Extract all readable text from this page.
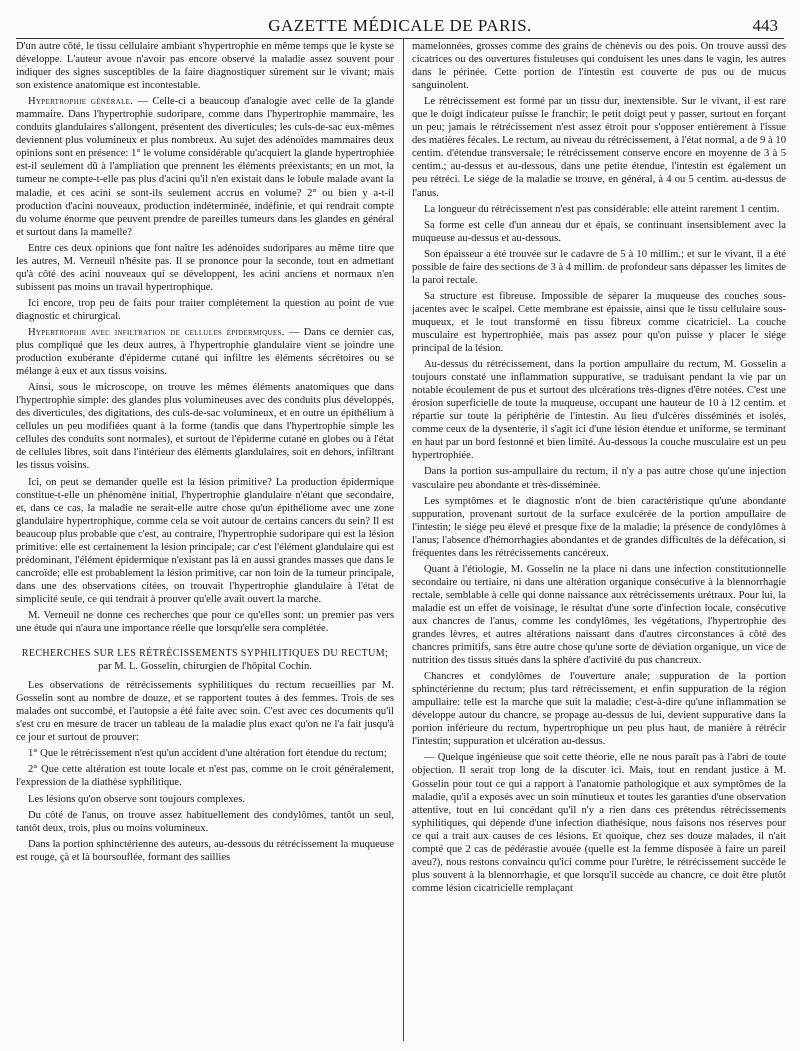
GAZETTE MÉDICALE DE PARIS.	443

D'un autre côté, le tissu cellulaire ambiant s'hypertrophie en même temps que le kyste se développe. L'auteur avoue n'avoir pas encore observé la maladie assez souvent pour indiquer des signes susceptibles de la faire diagnostiquer sûrement sur le vivant; mais son existence anatomique est incontestable.

Hypertrophie générale. — Celle-ci a beaucoup d'analogie avec celle de la glande mammaire. Dans l'hypertrophie sudoripare, comme dans l'hypertrophie mammaire, les conduits glandulaires s'allongent, présentent des diverticules; les culs-de-sac eux-mêmes deviennent plus volumineux et plus nombreux. Au sujet des adénoïdes mammaires deux opinions sont en présence: 1° le volume considérable qu'acquiert la glande hypertrophiée est-il seulement dû à l'ampliation que prennent les éléments préexistants; en un mot, la tumeur ne compte-t-elle pas plus d'acini qu'il n'en existait dans le lobule malade avant la maladie, et ces acini se sont-ils seulement accrus en volume? 2° ou bien y a-t-il production d'acini nouveaux, production indéterminée, indéfinie, et qui rendrait compte du volume énorme que peuvent prendre de pareilles tumeurs dans les glandes en général et surtout dans la mamelle?

Entre ces deux opinions que font naître les adénoïdes sudoripares au même titre que les autres, M. Verneuil n'hésite pas. Il se prononce pour la seconde, tout en admettant qu'à côté des acini nouveaux qui se développent, les acini anciens et normaux n'en subissent pas moins un travail hypertrophique.

Ici encore, trop peu de faits pour traiter complétement la question au point de vue diagnostic et chirurgical.

Hypertrophie avec infiltration de cellules épidermiques. — Dans ce dernier cas, plus compliqué que les deux autres, à l'hypertrophie glandulaire vient se joindre une production exubérante d'épiderme cutané qui infiltre les éléments sécrétoires ou se mélange à eux et aux tissus voisins.

Ainsi, sous le microscope, on trouve les mêmes éléments anatomiques que dans l'hypertrophie simple: des glandes plus volumineuses avec des conduits plus développés, des diverticules, des digitations, des culs-de-sac volumineux, et en outre un épithélium à cellules un peu modifiées quant à la forme (tandis que dans l'hypertrophie simple les cellules des conduits sont normales), et surtout de l'épiderme cutané en globes ou à l'état de cellules libres, soit dans l'intérieur des éléments glandulaires, soit en dehors, infiltrant les tissus voisins.

Ici, on peut se demander quelle est la lésion primitive? La production épidermique constitue-t-elle un phénomène initial, l'hypertrophie glandulaire n'étant que secondaire, et, dans ce cas, la maladie ne serait-elle autre chose qu'un épithéliome avec une zone glandulaire hypertrophique, comme cela se voit autour de certains cancers du sein? Il est beaucoup plus probable que c'est, au contraire, l'hypertrophie sudoripare qui est la lésion primitive: elle est certainement la lésion principale; car c'est l'élément glandulaire qui est prédominant, l'élément épidermique n'existant pas là en aussi grandes masses que dans le cancroïde; elle est probablement la lésion primitive, car non loin de la tumeur principale, dans une des observations citées, on trouvait l'hypertrophie glandulaire à l'état de simplicité seule, ce qui tendrait à prouver qu'elle avait ouvert la marche.

M. Verneuil ne donne ces recherches que pour ce qu'elles sont: un premier pas vers une étude qui n'aura une importance réelle que lorsqu'elle sera complétée.

RECHERCHES SUR LES RÉTRÉCISSEMENTS SYPHILITIQUES DU RECTUM;
par M. L. Gosselin, chirurgien de l'hôpital Cochin.

Les observations de rétrécissements syphilitiques du rectum recueillies par M. Gosselin sont au nombre de douze, et se rapportent toutes à des femmes. Trois de ses malades ont succombé, et l'autopsie a été faite avec soin. C'est avec ces documents qu'il s'est cru en mesure de tracer un tableau de la maladie plus exact qu'on ne l'a fait jusqu'à ce jour et surtout de prouver:

1° Que le rétrécissement n'est qu'un accident d'une altération fort étendue du rectum;

2° Que cette altération est toute locale et n'est pas, comme on le croit généralement, l'expression de la diathèse syphilitique.

Les lésions qu'on observe sont toujours complexes.

Du côté de l'anus, on trouve assez habituellement des condylômes, tantôt un seul, tantôt deux, trois, plus ou moins volumineux.

Dans la portion sphinctérienne des auteurs, au-dessous du rétrécissement la muqueuse est rouge, çà et là boursouflée, formant des saillies

mamelonnées, grosses comme des grains de chènevis ou des pois. On trouve aussi des cicatrices ou des ouvertures fistuleuses qui conduisent les unes dans le vagin, les autres dans le périnée. Cette portion de l'intestin est couverte de pus ou de mucus sanguinolent.

Le rétrécissement est formé par un tissu dur, inextensible. Sur le vivant, il est rare que le doigt indicateur puisse le franchir; le petit doigt peut y passer, surtout en forçant un peu; jamais le rétrécissement n'est assez étroit pour s'opposer entièrement à l'issue des matières fécales. Le rectum, au niveau du rétrécissement, à l'état normal, a de 9 à 10 centim. d'étendue transversale; le rétrécissement conserve encore en moyenne de 3 à 5 centim.; au-dessus et au-dessous, dans une petite étendue, l'intestin est également un peu rétréci. Le siége de la maladie se trouve, en général, à 4 ou 5 centim. au-dessus de l'anus.

La longueur du rétrécissement n'est pas considérable: elle atteint rarement 1 centim.

Sa forme est celle d'un anneau dur et épais, se continuant insensiblement avec la muqueuse au-dessus et au-dessous.

Son épaisseur a été trouvée sur le cadavre de 5 à 10 millim.; et sur le vivant, il a été possible de faire des sections de 3 à 4 millim. de profondeur sans dépasser les limites de la paroi rectale.

Sa structure est fibreuse. Impossible de séparer la muqueuse des couches sous-jacentes avec le scalpel. Cette membrane est épaissie, ainsi que le tissu cellulaire sous-muqueux, et le tout transformé en tissu fibreux comme cicatriciel. La couche musculaire est hypertrophiée, mais pas assez pour qu'on puisse y placer le siége principal de la lésion.

Au-dessus du rétrécissement, dans la portion ampullaire du rectum, M. Gosselin a toujours constaté une inflammation suppurative, se traduisant pendant la vie par un notable écoulement de pus et surtout des ulcérations très-dignes d'être notées. C'est une érosion superficielle de toute la muqueuse, occupant une hauteur de 10 à 12 centim. et répartie sur toute la périphérie de l'intestin. Au lieu d'ulcères disséminés et isolés, comme ceux de la dysenterie, il s'agit ici d'une lésion étendue et uniforme, se terminant en haut par un bord festonné et bien limité. Au-dessous la couche musculaire est un peu hypertrophiée.

Dans la portion sus-ampullaire du rectum, il n'y a pas autre chose qu'une injection vasculaire peu abondante et très-disséminée.

Les symptômes et le diagnostic n'ont de bien caractéristique qu'une abondante suppuration, provenant surtout de la surface exulcérée de la portion ampullaire de l'intestin; le siége peu élevé et presque fixe de la maladie; la présence de condylômes à l'anus; l'absence d'hémorrhagies abondantes et de grandes difficultés de la défécation, si fréquentes dans les rétrécissements cancéreux.

Quant à l'étiologie, M. Gosselin ne la place ni dans une infection constitutionnelle secondaire ou tertiaire, ni dans une altération organique consécutive à la blennorrhagie rectale, semblable à celle qui donne naissance aux rétrécissements urétraux. Pour lui, la maladie est un effet de voisinage, le résultat d'une sorte d'infection locale, consécutive aux chancres de l'anus, comme les condylômes, les végétations, l'hypertrophie des grandes lèvres, et autres altérations naissant dans d'autres circonstances à côté des chancres primitifs, sans être autre chose qu'une sorte de déviation organique, un vice de nutrition des tissus situés dans la sphère d'activité du pus chancreux.

Chancres et condylômes de l'ouverture anale; suppuration de la portion sphinctérienne du rectum; plus tard rétrécissement, et enfin suppuration de la région ampullaire: telle est la marche que suit la maladie; c'est-à-dire qu'une inflammation se développe autour du chancre, se propage au-dessus de lui, devient suppurative dans la portion inférieure du rectum, hypertrophique un peu plus haut, de manière à rétrécir l'intestin; suppuration et ulcération au-dessus.

— Quelque ingénieuse que soit cette théorie, elle ne nous paraît pas à l'abri de toute objection. Il serait trop long de la discuter ici. Mais, tout en rendant justice à M. Gosselin pour tout ce qui a rapport à l'anatomie pathologique et aux symptômes de la maladie, qu'il a exposés avec un soin minutieux et toutes les garanties d'une observation attentive, tout en lui concédant qu'il n'y a rien dans ces prétendus rétrécissements syphilitiques, qui dépende d'une infection diathésique, nous faisons nos réserves pour ce qui a trait aux causes de ces lésions. Et quoique, chez ses douze malades, il n'ait compté que 2 cas de pédérastie avouée (quelle est la femme disposée à faire un pareil aveu?), nous restons convaincu qu'ici comme pour l'urètre, le rétrécissement succède le plus souvent à la blennorrhagie, et que lorsqu'il succède au chancre, ce doit être plutôt comme lésion cicatricielle remplaçant
